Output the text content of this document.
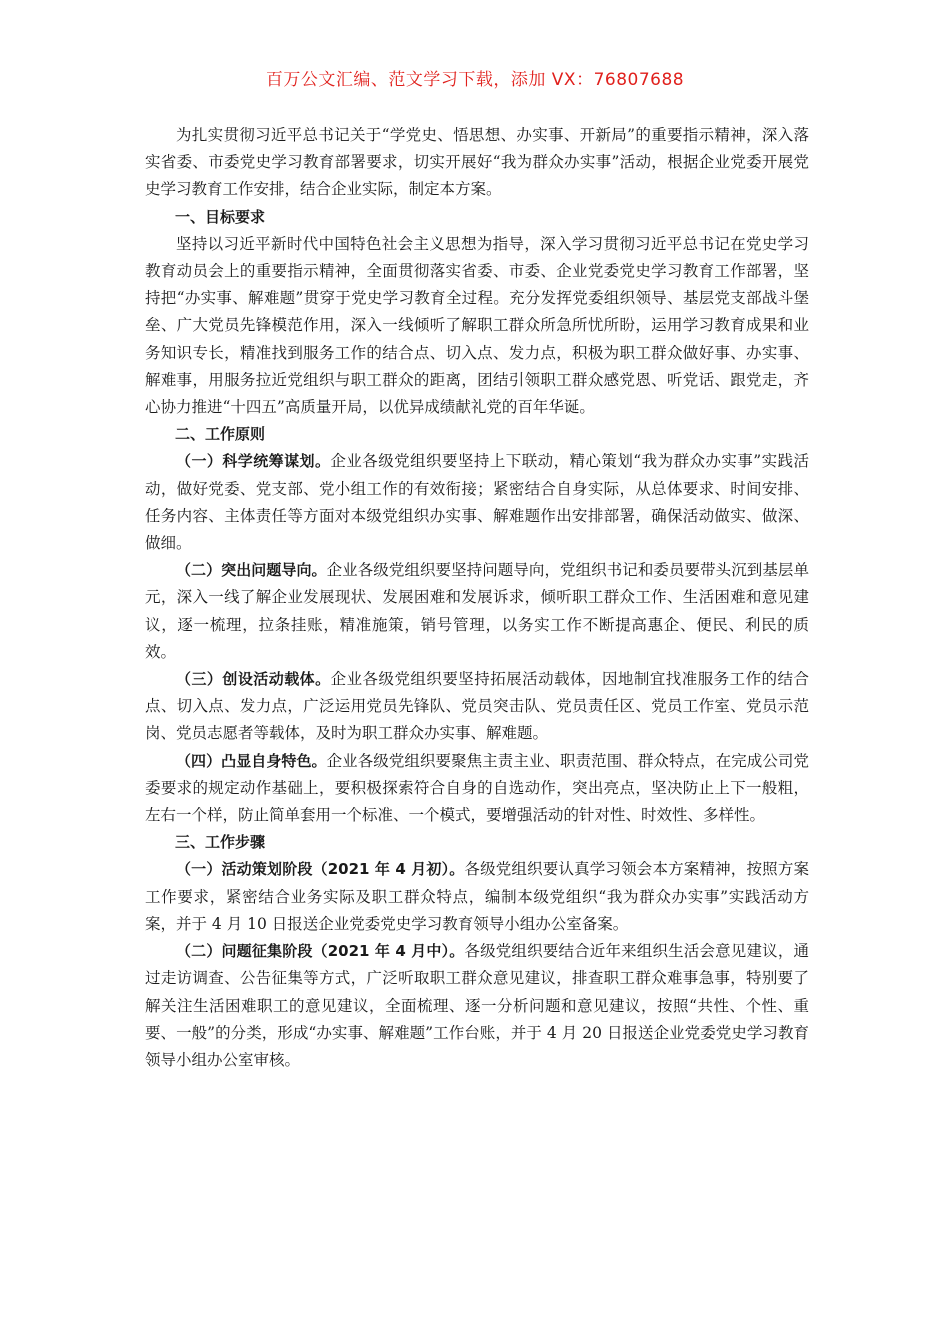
百万公文汇编、范文学习下载，添加 VX：76807688

为扎实贯彻习近平总书记关于“学党史、悟思想、办实事、开新局”的重要指示精神，深入落实省委、市委党史学习教育部署要求，切实开展好“我为群众办实事”活动，根据企业党委开展党史学习教育工作安排，结合企业实际，制定本方案。

一、目标要求

坚持以习近平新时代中国特色社会主义思想为指导，深入学习贯彻习近平总书记在党史学习教育动员会上的重要指示精神，全面贯彻落实省委、市委、企业党委党史学习教育工作部署，坚持把“办实事、解难题”贯穿于党史学习教育全过程。充分发挥党委组织领导、基层党支部战斗堡垒、广大党员先锋模范作用，深入一线倾听了解职工群众所急所忧所盼，运用学习教育成果和业务知识专长，精准找到服务工作的结合点、切入点、发力点，积极为职工群众做好事、办实事、解难事，用服务拉近党组织与职工群众的距离，团结引领职工群众感党恩、听党话、跟党走，齐心协力推进“十四五”高质量开局，以优异成绩献礼党的百年华诞。

二、工作原则

（一）科学统筹谋划。企业各级党组织要坚持上下联动，精心策划“我为群众办实事”实践活动，做好党委、党支部、党小组工作的有效衔接；紧密结合自身实际，从总体要求、时间安排、任务内容、主体责任等方面对本级党组织办实事、解难题作出安排部署，确保活动做实、做深、做细。

（二）突出问题导向。企业各级党组织要坚持问题导向，党组织书记和委员要带头沉到基层单元，深入一线了解企业发展现状、发展困难和发展诉求，倾听职工群众工作、生活困难和意见建议，逐一梳理，拉条挂账，精准施策，销号管理，以务实工作不断提高惠企、便民、利民的质效。

（三）创设活动载体。企业各级党组织要坚持拓展活动载体，因地制宜找准服务工作的结合点、切入点、发力点，广泛运用党员先锋队、党员突击队、党员责任区、党员工作室、党员示范岗、党员志愿者等载体，及时为职工群众办实事、解难题。

（四）凸显自身特色。企业各级党组织要聚焦主责主业、职责范围、群众特点，在完成公司党委要求的规定动作基础上，要积极探索符合自身的自选动作，突出亮点，坚决防止上下一般粗，左右一个样，防止简单套用一个标准、一个模式，要增强活动的针对性、时效性、多样性。

三、工作步骤

（一）活动策划阶段（2021 年 4 月初）。各级党组织要认真学习领会本方案精神，按照方案工作要求，紧密结合业务实际及职工群众特点，编制本级党组织“我为群众办实事”实践活动方案，并于 4 月 10 日报送企业党委党史学习教育领导小组办公室备案。

（二）问题征集阶段（2021 年 4 月中）。各级党组织要结合近年来组织生活会意见建议，通过走访调查、公告征集等方式，广泛听取职工群众意见建议，排查职工群众难事急事，特别要了解关注生活困难职工的意见建议，全面梳理、逐一分析问题和意见建议，按照“共性、个性、重要、一般”的分类，形成“办实事、解难题”工作台账，并于 4 月 20 日报送企业党委党史学习教育领导小组办公室审核。
